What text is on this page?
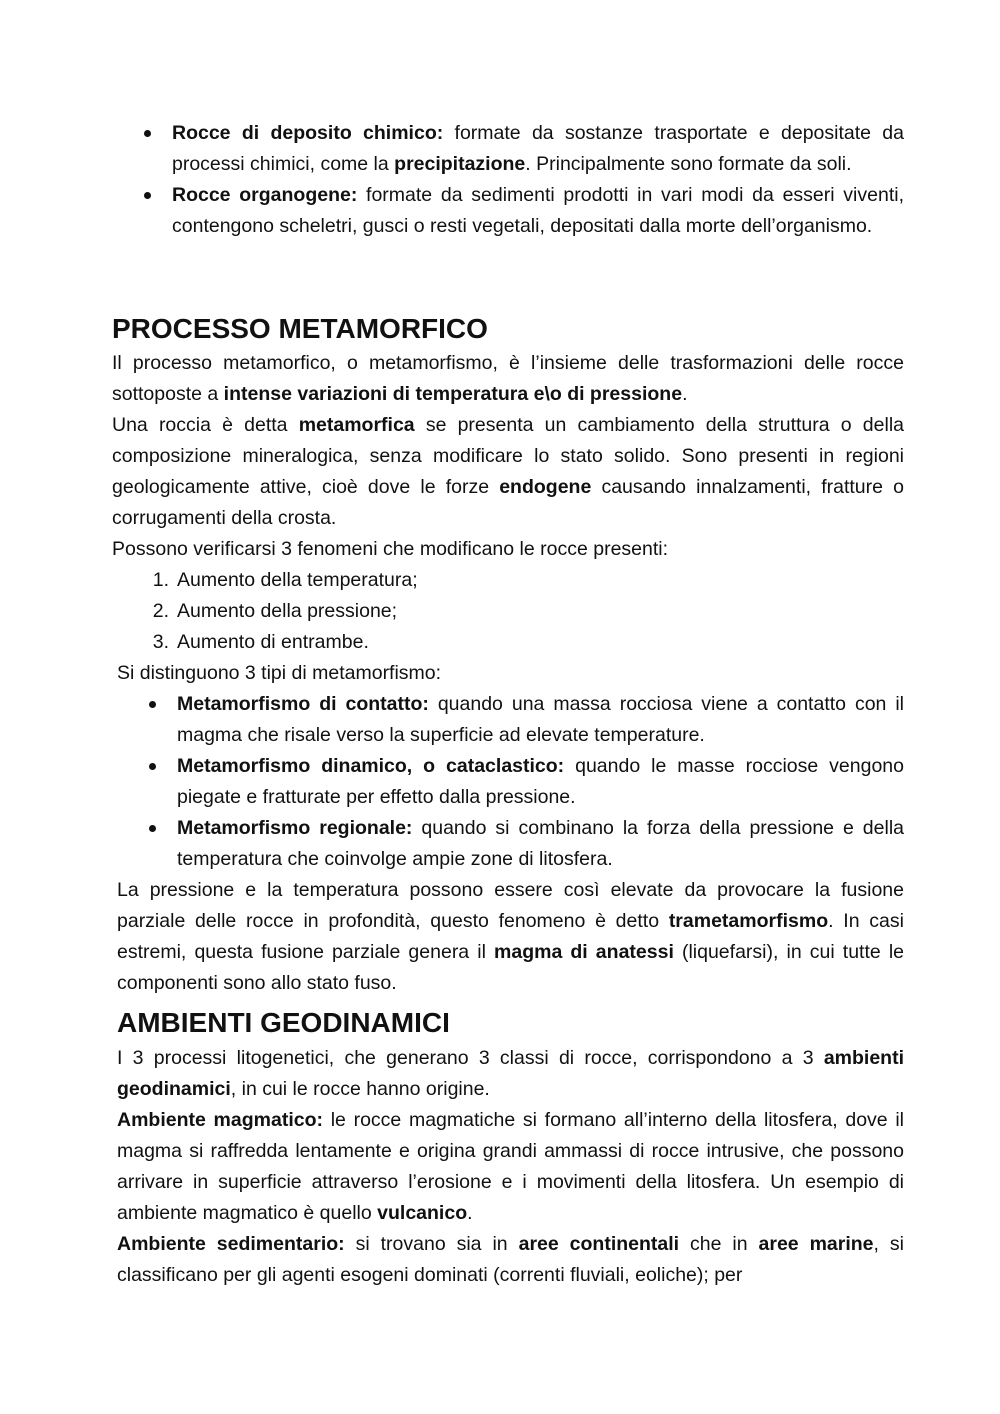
Rocce di deposito chimico: formate da sostanze trasportate e depositate da processi chimici, come la precipitazione. Principalmente sono formate da soli.

Rocce organogene: formate da sedimenti prodotti in vari modi da esseri viventi, contengono scheletri, gusci o resti vegetali, depositati dalla morte dell’organismo.

PROCESSO METAMORFICO

Il processo metamorfico, o metamorfismo, è l’insieme delle trasformazioni delle rocce sottoposte a intense variazioni di temperatura e\o di pressione.

Una roccia è detta metamorfica se presenta un cambiamento della struttura o della composizione mineralogica, senza modificare lo stato solido. Sono presenti in regioni geologicamente attive, cioè dove le forze endogene causando innalzamenti, fratture o corrugamenti della crosta.

Possono verificarsi 3 fenomeni che modificano le rocce presenti:

1. Aumento della temperatura;

2. Aumento della pressione;

3. Aumento di entrambe.

Si distinguono 3 tipi di metamorfismo:

Metamorfismo di contatto: quando una massa rocciosa viene a contatto con il magma che risale verso la superficie ad elevate temperature.

Metamorfismo dinamico, o cataclastico: quando le masse rocciose vengono piegate e fratturate per effetto dalla pressione.

Metamorfismo regionale: quando si combinano la forza della pressione e della temperatura che coinvolge ampie zone di litosfera.

La pressione e la temperatura possono essere così elevate da provocare la fusione parziale delle rocce in profondità, questo fenomeno è detto trametamorfismo. In casi estremi, questa fusione parziale genera il magma di anatessi (liquefarsi), in cui tutte le componenti sono allo stato fuso.

AMBIENTI GEODINAMICI

I 3 processi litogenetici, che generano 3 classi di rocce, corrispondono a 3 ambienti geodinamici, in cui le rocce hanno origine.

Ambiente magmatico: le rocce magmatiche si formano all’interno della litosfera, dove il magma si raffredda lentamente e origina grandi ammassi di rocce intrusive, che possono arrivare in superficie attraverso l’erosione e i movimenti della litosfera. Un esempio di ambiente magmatico è quello vulcanico.

Ambiente sedimentario: si trovano sia in aree continentali che in aree marine, si classificano per gli agenti esogeni dominati (correnti fluviali, eoliche); per
